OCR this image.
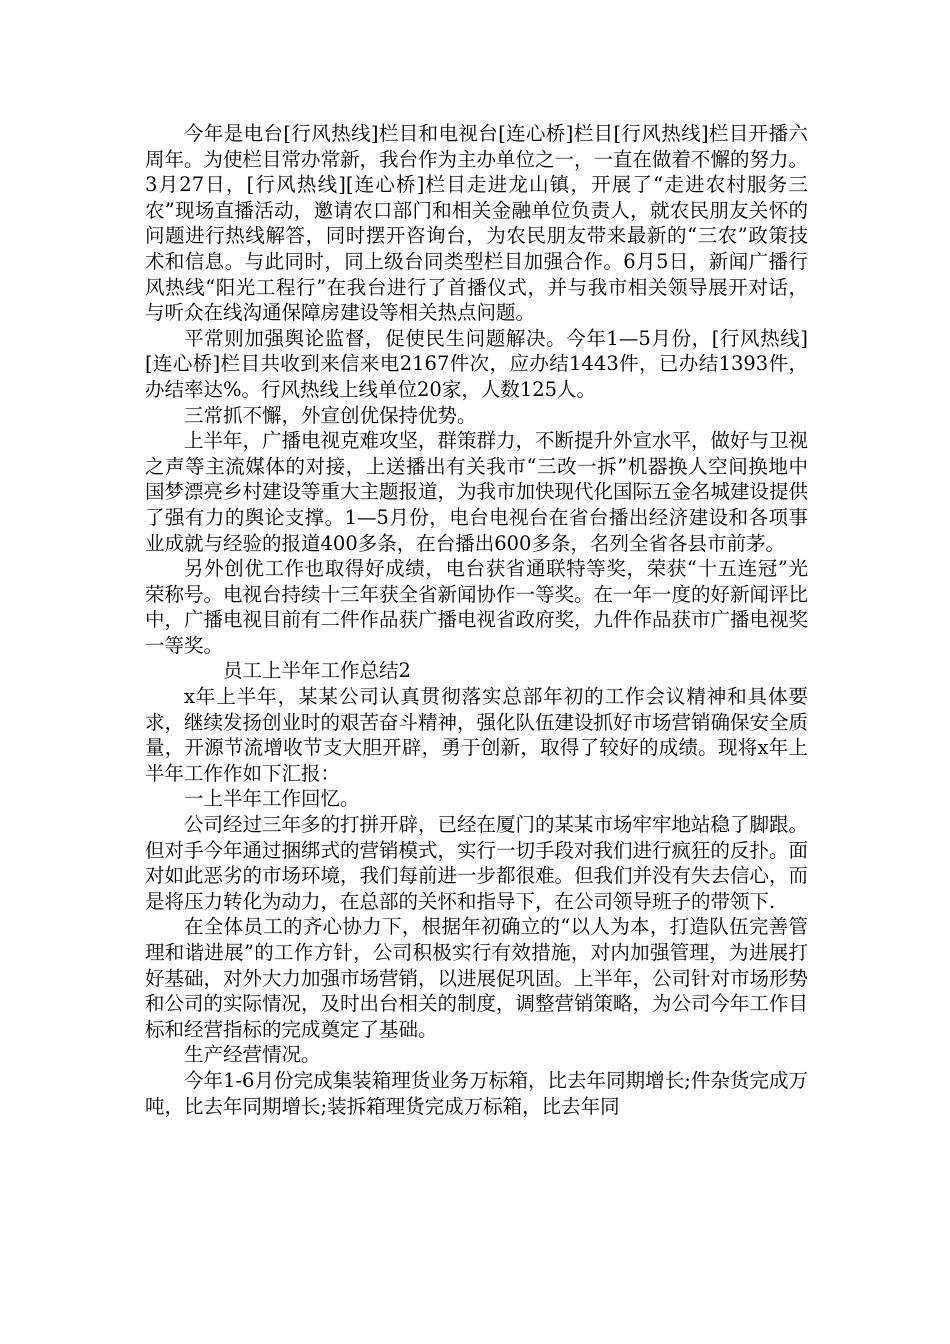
今年是电台[行风热线]栏目和电视台[连心桥]栏目[行风热线]栏目开播六周年。为使栏目常办常新，我台作为主办单位之一，一直在做着不懈的努力。3月27日，[行风热线][连心桥]栏目走进龙山镇，开展了“走进农村服务三农”现场直播活动，邀请农口部门和相关金融单位负责人，就农民朋友关怀的问题进行热线解答，同时摆开咨询台，为农民朋友带来最新的“三农”政策技术和信息。与此同时，同上级台同类型栏目加强合作。6月5日，新闻广播行风热线“阳光工程行”在我台进行了首播仪式，并与我市相关领导展开对话，与听众在线沟通保障房建设等相关热点问题。

平常则加强舆论监督，促使民生问题解决。今年1—5月份，[行风热线][连心桥]栏目共收到来信来电2167件次，应办结1443件，已办结1393件，办结率达%。行风热线上线单位20家，人数125人。

三常抓不懈，外宣创优保持优势。

上半年，广播电视克难攻坚，群策群力，不断提升外宣水平，做好与卫视之声等主流媒体的对接，上送播出有关我市“三改一拆”机器换人空间换地中国梦漂亮乡村建设等重大主题报道，为我市加快现代化国际五金名城建设提供了强有力的舆论支撑。1—5月份，电台电视台在省台播出经济建设和各项事业成就与经验的报道400多条，在台播出600多条，名列全省各县市前茅。

另外创优工作也取得好成绩，电台获省通联特等奖，荣获“十五连冠”光荣称号。电视台持续十三年获全省新闻协作一等奖。在一年一度的好新闻评比中，广播电视目前有二件作品获广播电视省政府奖，九件作品获市广播电视奖一等奖。

员工上半年工作总结2

x年上半年，某某公司认真贯彻落实总部年初的工作会议精神和具体要求，继续发扬创业时的艰苦奋斗精神，强化队伍建设抓好市场营销确保安全质量，开源节流增收节支大胆开辟，勇于创新，取得了较好的成绩。现将x年上半年工作作如下汇报：

一上半年工作回忆。

公司经过三年多的打拼开辟，已经在厦门的某某市场牢牢地站稳了脚跟。但对手今年通过捆绑式的营销模式，实行一切手段对我们进行疯狂的反扑。面对如此恶劣的市场环境，我们每前进一步都很难。但我们并没有失去信心，而是将压力转化为动力，在总部的关怀和指导下，在公司领导班子的带领下.

在全体员工的齐心协力下，根据年初确立的“以人为本，打造队伍完善管理和谐进展”的工作方针，公司积极实行有效措施，对内加强管理，为进展打好基础，对外大力加强市场营销，以进展促巩固。上半年，公司针对市场形势和公司的实际情况，及时出台相关的制度，调整营销策略，为公司今年工作目标和经营指标的完成奠定了基础。

生产经营情况。

今年1-6月份完成集装箱理货业务万标箱，比去年同期增长;件杂货完成万吨，比去年同期增长;装拆箱理货完成万标箱，比去年同
